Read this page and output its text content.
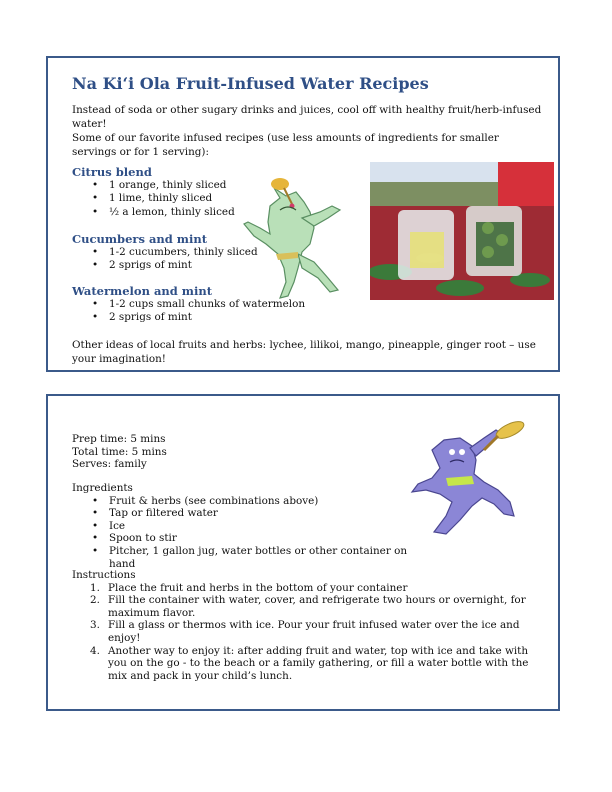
Na Ki‘i Ola Fruit-Infused Water Recipes

Instead of soda or other sugary drinks and juices, cool off with healthy fruit/herb-infused water!

Some of our favorite infused recipes (use less amounts of ingredients for smaller servings or for 1 serving):

Citrus blend
• 1 orange, thinly sliced
• 1 lime, thinly sliced
• ½ a lemon, thinly sliced
Cucumbers and mint
• 1-2 cucumbers, thinly sliced
• 2 sprigs of mint
Watermelon and mint
• 1-2 cups small chunks of watermelon
• 2 sprigs of mint

Other ideas of local fruits and herbs: lychee, lilikoi, mango, pineapple, ginger root – use your imagination!

Prep time: 5 mins
Total time: 5 mins
Serves: family
Ingredients
• Fruit & herbs (see combinations above)
• Tap or filtered water
• Ice
• Spoon to stir
• Pitcher, 1 gallon jug, water bottles or other container on hand
Instructions
1. Place the fruit and herbs in the bottom of your container
2. Fill the container with water, cover, and refrigerate two hours or overnight, for maximum flavor.
3. Fill a glass or thermos with ice. Pour your fruit infused water over the ice and enjoy!
4. Another way to enjoy it: after adding fruit and water, top with ice and take with you on the go - to the beach or a family gathering, or fill a water bottle with the mix and pack in your child’s lunch.
